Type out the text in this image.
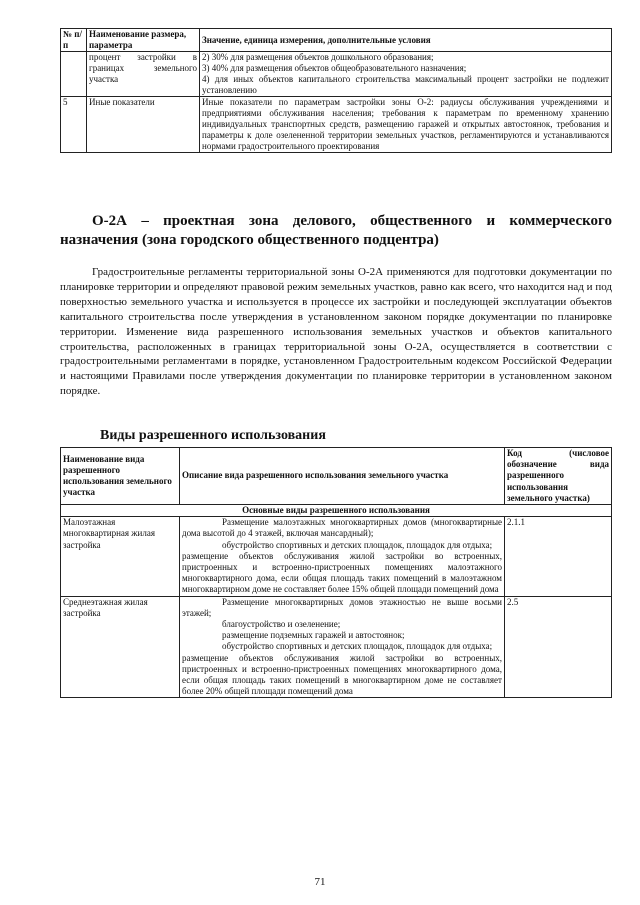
№ п/п	Наименование размера, параметра	Значение, единица измерения, дополнительные условия
	процент застройки в границах земельного участка	2) 30% для размещения объектов дошкольного образования;
3) 40% для размещения объектов общеобразовательного назначения;
4) для иных объектов капитального строительства максимальный процент застройки не подлежит установлению

5	Иные показатели	Иные показатели по параметрам застройки зоны О-2: радиусы обслуживания учреждениями и предприятиями обслуживания населения; требования к параметрам по временному хранению индивидуальных транспортных средств, размещению гаражей и открытых автостоянок, требования и параметры к доле озелененной территории земельных участков, регламентируются и устанавливаются нормами градостроительного проектирования
О-2А – проектная зона делового, общественного и коммерческого назначения (зона городского общественного подцентра)
Градостроительные регламенты территориальной зоны О-2А применяются для подготовки документации по планировке территории и определяют правовой режим земельных участков, равно как всего, что находится над и под поверхностью земельного участка и используется в процессе их застройки и последующей эксплуатации объектов капитального строительства после утверждения в установленном законом порядке документации по планировке территории. Изменение вида разрешенного использования земельных участков и объектов капитального строительства, расположенных в границах территориальной зоны О-2А, осуществляется в соответствии с градостроительными регламентами в порядке, установленном Градостроительным кодексом Российской Федерации и настоящими Правилами после утверждения документации по планировке территории в установленном законом порядке.
Виды разрешенного использования
Наименование вида разрешенного использования земельного участка	Описание вида разрешенного использования земельного участка	Код (числовое обозначение вида разрешенного использования земельного участка)
Основные виды разрешенного использования		
Малоэтажная многоквартирная жилая застройка	Размещение малоэтажных многоквартирных домов (многоквартирные дома высотой до 4 этажей, включая мансардный);
обустройство спортивных и детских площадок, площадок для отдыха;
размещение объектов обслуживания жилой застройки во встроенных, пристроенных и встроенно-пристроенных помещениях малоэтажного многоквартирного дома, если общая площадь таких помещений в малоэтажном многоквартирном доме не составляет более 15% общей площади помещений дома	2.1.1
Среднеэтажная жилая застройка	Размещение многоквартирных домов этажностью не выше восьми этажей;
благоустройство и озеленение;
размещение подземных гаражей и автостоянок;
обустройство спортивных и детских площадок, площадок для отдыха;
размещение объектов обслуживания жилой застройки во встроенных, пристроенных и встроенно-пристроенных помещениях многоквартирного дома, если общая площадь таких помещений в многоквартирном доме не составляет более 20% общей площади помещений дома	2.5
71
